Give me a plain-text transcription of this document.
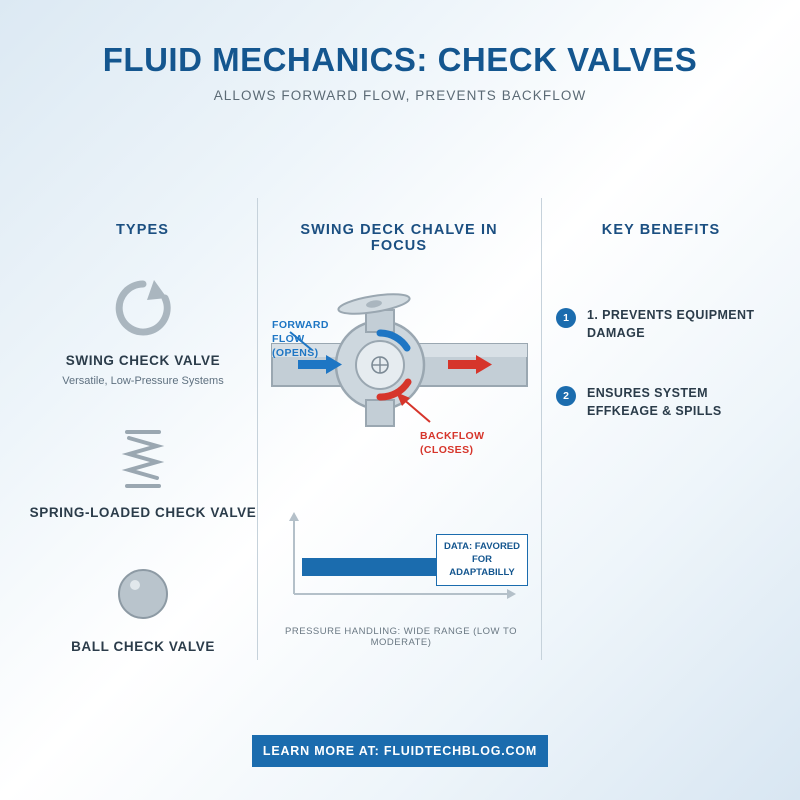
FLUID MECHANICS: CHECK VALVES
ALLOWS FORWARD FLOW, PREVENTS BACKFLOW
TYPES	SWING DECK CHALVE IN FOCUS
KEY BENEFITS
SWING CHECK VALVE
Versatile, Low-Pressure Systems
SPRING-LOADED CHECK VALVE
BALL CHECK VALVE
FORWARD FLOW
(OPENS)
BACKFLOW
(CLOSES)
DATA: FAVORED
FOR
ADAPTABILLY
PRESSURE HANDLING: WIDE RANGE (LOW TO MODERATE)
1	1. PREVENTS EQUIPMENT DAMAGE
2	ENSURES SYSTEM EFFKEAGE & SPILLS
LEARN MORE AT: FLUIDTECHBLOG.COM
